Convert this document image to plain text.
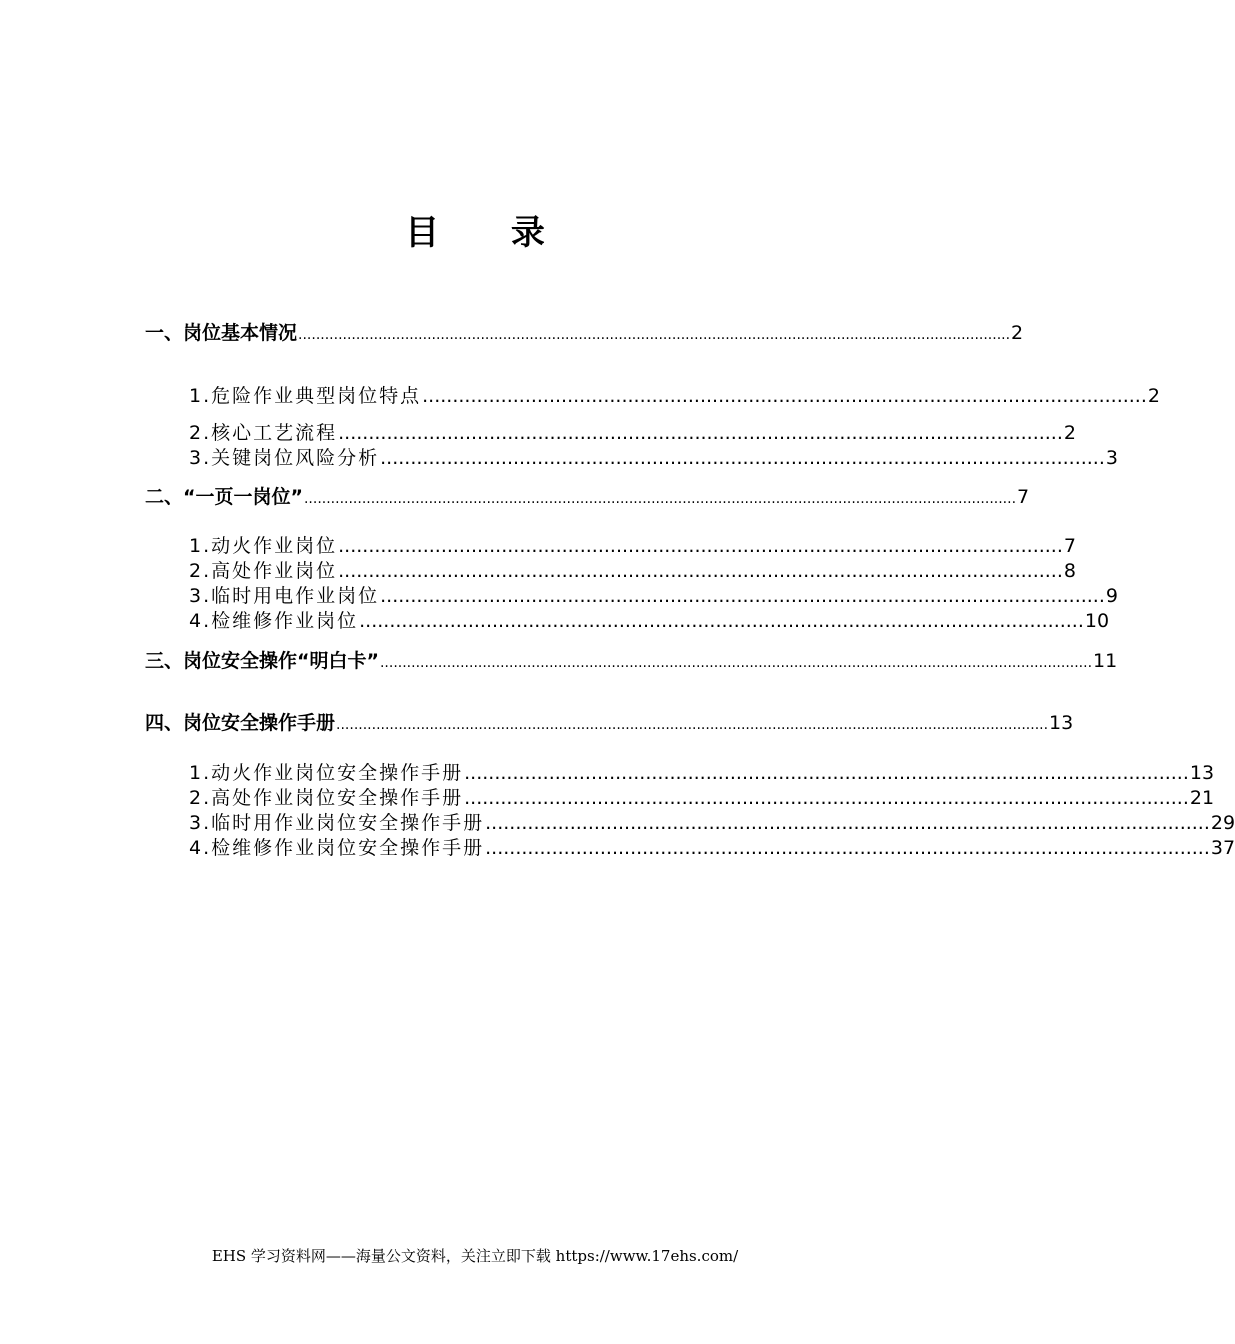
目 录
一、岗位基本情况 ................................................................................................................................................................ 2
1.危险作业典型岗位特点 ........................................................................................................................ 2
2.核心工艺流程 ........................................................................................................................ 2
3.关键岗位风险分析 ........................................................................................................................ 3
二、“一页一岗位” ................................................................................................................................................................ 7
1.动火作业岗位 ........................................................................................................................ 7
2.高处作业岗位 ........................................................................................................................ 8
3.临时用电作业岗位 ........................................................................................................................ 9
4.检维修作业岗位 ........................................................................................................................ 10
三、岗位安全操作“明白卡” ................................................................................................................................................................ 11
四、岗位安全操作手册 ................................................................................................................................................................ 13
1.动火作业岗位安全操作手册 ........................................................................................................................ 13
2.高处作业岗位安全操作手册 ........................................................................................................................ 21
3.临时用作业岗位安全操作手册 ........................................................................................................................ 29
4.检维修作业岗位安全操作手册 ........................................................................................................................ 37
EHS 学习资料网——海量公文资料，关注立即下载 https://www.17ehs.com/
